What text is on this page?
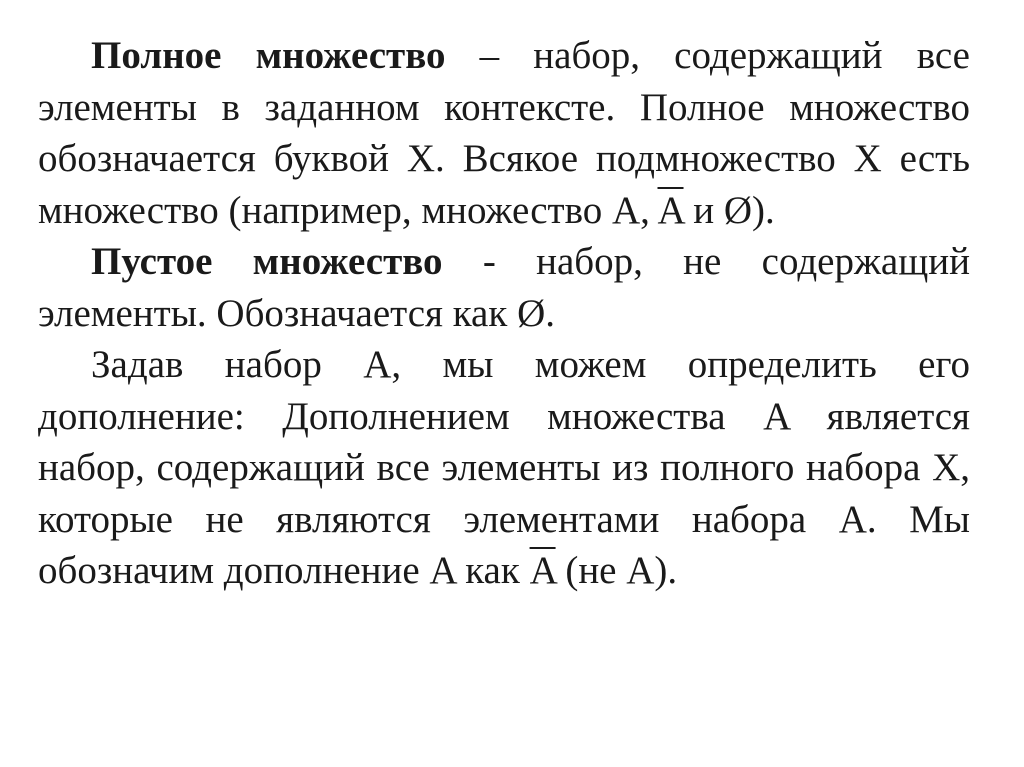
Полное множество – набор, содержащий все элементы в заданном контексте. Полное множество обозначается буквой X. Всякое подмножество X есть множество (например, множество A, $\overline{A}$ и Ø).

Пустое множество - набор, не содержащий элементы. Обозначается как Ø.

Задав набор A, мы можем определить его дополнение: Дополнением множества A является набор, содержащий все элементы из полного набора X, которые не являются элементами набора A. Мы обозначим дополнение A как $\overline{A}$ (не A).
